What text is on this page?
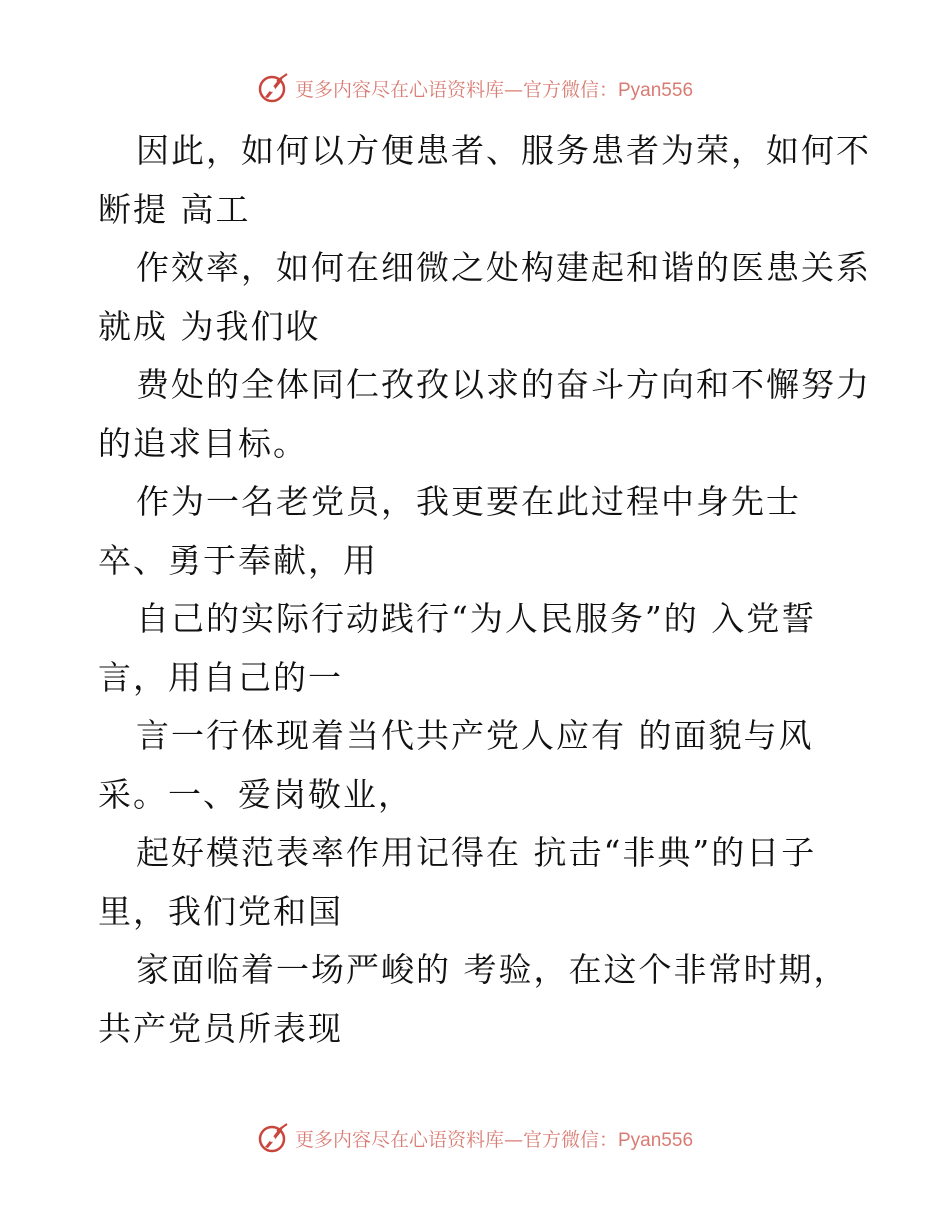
更多内容尽在心语资料库—官方微信：Pyan556
因此，如何以方便患者、服务患者为荣，如何不
断提 高工
作效率，如何在细微之处构建起和谐的医患关系
就成 为我们收
费处的全体同仁孜孜以求的奋斗方向和不懈努力
的追求目标。
作为一名老党员，我更要在此过程中身先士
卒、勇于奉献，用
自己的实际行动践行“为人民服务”的 入党誓
言，用自己的一
言一行体现着当代共产党人应有 的面貌与风
采。一、爱岗敬业，
起好模范表率作用记得在 抗击“非典”的日子
里，我们党和国
家面临着一场严峻的 考验，在这个非常时期，
共产党员所表现
更多内容尽在心语资料库—官方微信：Pyan556
